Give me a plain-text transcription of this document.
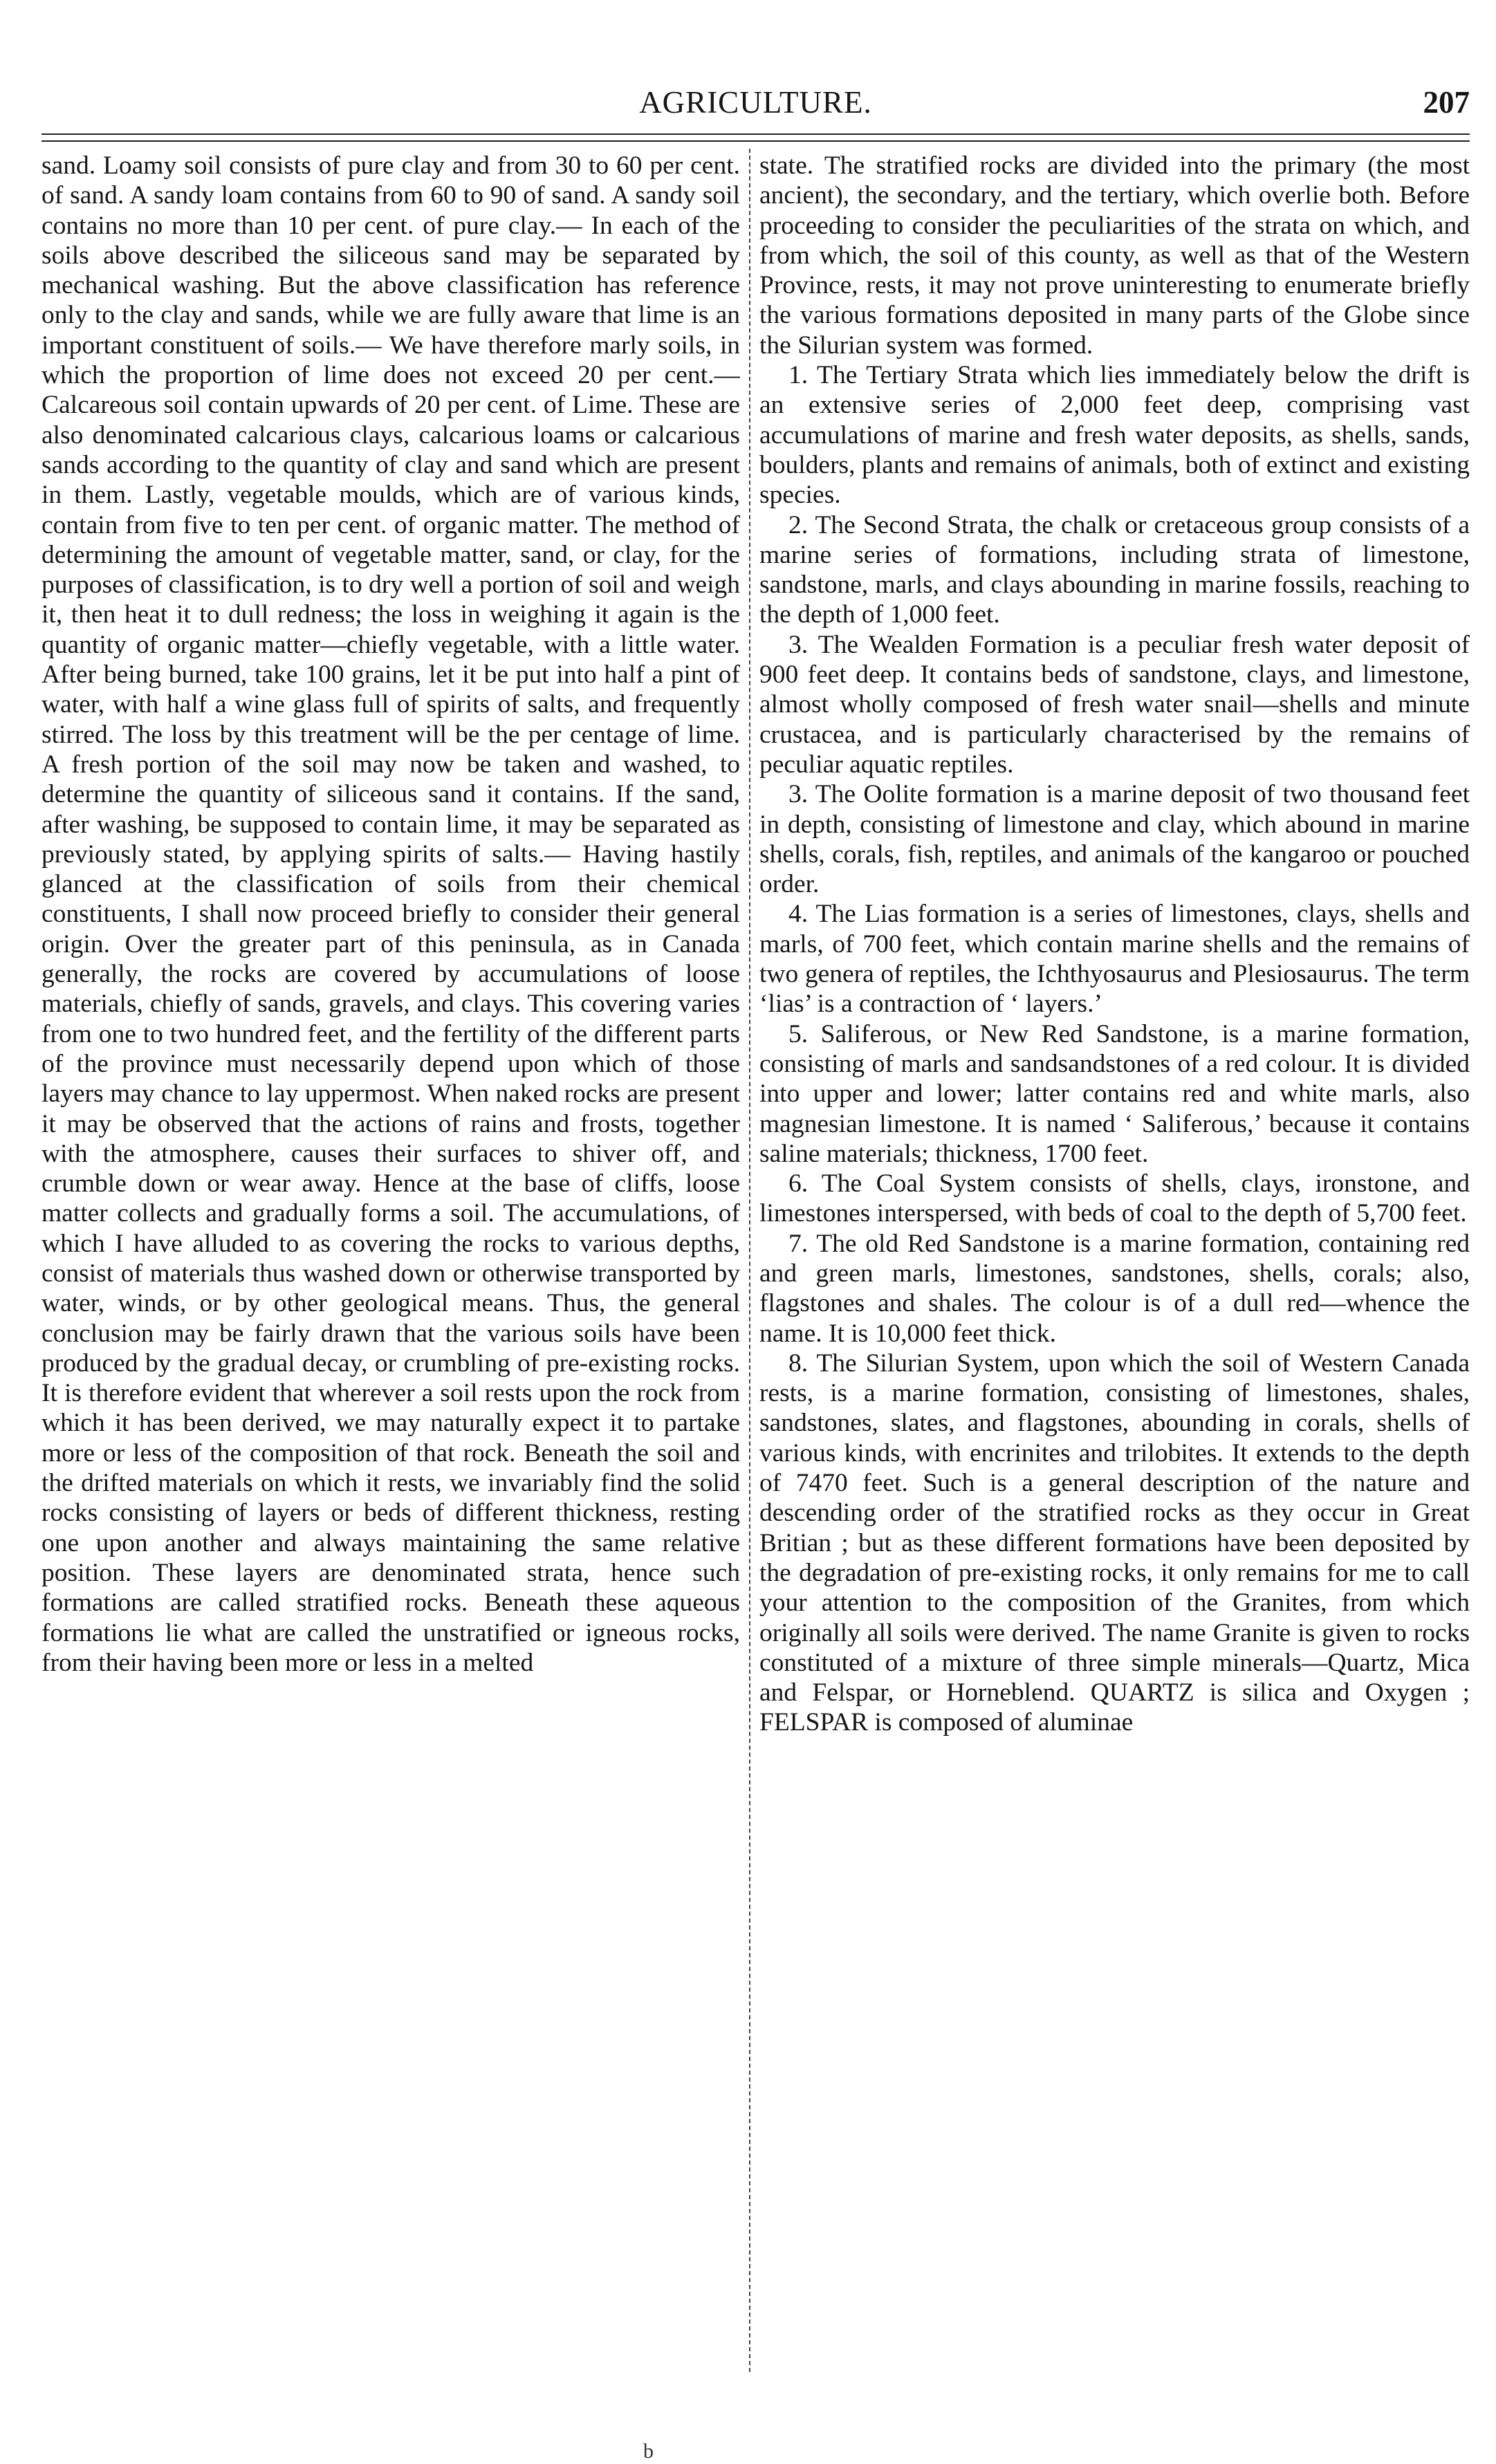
AGRICULTURE.	207

sand. Loamy soil consists of pure clay and from 30 to 60 per cent. of sand. A sandy loam contains from 60 to 90 of sand. A sandy soil contains no more than 10 per cent. of pure clay.— In each of the soils above described the siliceous sand may be separated by mechanical washing. But the above classification has reference only to the clay and sands, while we are fully aware that lime is an important constituent of soils.— We have therefore marly soils, in which the proportion of lime does not exceed 20 per cent.— Calcareous soil contain upwards of 20 per cent. of Lime. These are also denominated calcarious clays, calcarious loams or calcarious sands according to the quantity of clay and sand which are present in them. Lastly, vegetable moulds, which are of various kinds, contain from five to ten per cent. of organic matter. The method of determining the amount of vegetable matter, sand, or clay, for the purposes of classification, is to dry well a portion of soil and weigh it, then heat it to dull redness; the loss in weighing it again is the quantity of organic matter—chiefly vegetable, with a little water. After being burned, take 100 grains, let it be put into half a pint of water, with half a wine glass full of spirits of salts, and frequently stirred. The loss by this treatment will be the per centage of lime. A fresh portion of the soil may now be taken and washed, to determine the quantity of siliceous sand it contains. If the sand, after washing, be supposed to contain lime, it may be separated as previously stated, by applying spirits of salts.— Having hastily glanced at the classification of soils from their chemical constituents, I shall now proceed briefly to consider their general origin. Over the greater part of this peninsula, as in Canada generally, the rocks are covered by accumulations of loose materials, chiefly of sands, gravels, and clays. This covering varies from one to two hundred feet, and the fertility of the different parts of the province must necessarily depend upon which of those layers may chance to lay uppermost. When naked rocks are present it may be observed that the actions of rains and frosts, together with the atmosphere, causes their surfaces to shiver off, and crumble down or wear away. Hence at the base of cliffs, loose matter collects and gradually forms a soil. The accumulations, of which I have alluded to as covering the rocks to various depths, consist of materials thus washed down or otherwise transported by water, winds, or by other geological means. Thus, the general conclusion may be fairly drawn that the various soils have been produced by the gradual decay, or crumbling of pre-existing rocks. It is therefore evident that wherever a soil rests upon the rock from which it has been derived, we may naturally expect it to partake more or less of the composition of that rock. Beneath the soil and the drifted materials on which it rests, we invariably find the solid rocks consisting of layers or beds of different thickness, resting one upon another and always maintaining the same relative position. These layers are denominated strata, hence such formations are called stratified rocks. Beneath these aqueous formations lie what are called the unstratified or igneous rocks, from their having been more or less in a melted

state. The stratified rocks are divided into the primary (the most ancient), the secondary, and the tertiary, which overlie both. Before proceeding to consider the peculiarities of the strata on which, and from which, the soil of this county, as well as that of the Western Province, rests, it may not prove uninteresting to enumerate briefly the various formations deposited in many parts of the Globe since the Silurian system was formed.

1. The Tertiary Strata which lies immediately below the drift is an extensive series of 2,000 feet deep, comprising vast accumulations of marine and fresh water deposits, as shells, sands, boulders, plants and remains of animals, both of extinct and existing species.

2. The Second Strata, the chalk or cretaceous group consists of a marine series of formations, including strata of limestone, sandstone, marls, and clays abounding in marine fossils, reaching to the depth of 1,000 feet.

3. The Wealden Formation is a peculiar fresh water deposit of 900 feet deep. It contains beds of sandstone, clays, and limestone, almost wholly composed of fresh water snail—shells and minute crustacea, and is particularly characterised by the remains of peculiar aquatic reptiles.

3. The Oolite formation is a marine deposit of two thousand feet in depth, consisting of limestone and clay, which abound in marine shells, corals, fish, reptiles, and animals of the kangaroo or pouched order.

4. The Lias formation is a series of limestones, clays, shells and marls, of 700 feet, which contain marine shells and the remains of two genera of reptiles, the Ichthyosaurus and Plesiosaurus. The term ‘lias’ is a contraction of ‘ layers.’

5. Saliferous, or New Red Sandstone, is a marine formation, consisting of marls and sandsandstones of a red colour. It is divided into upper and lower; latter contains red and white marls, also magnesian limestone. It is named ‘ Saliferous,’ because it contains saline materials; thickness, 1700 feet.

6. The Coal System consists of shells, clays, ironstone, and limestones interspersed, with beds of coal to the depth of 5,700 feet.

7. The old Red Sandstone is a marine formation, containing red and green marls, limestones, sandstones, shells, corals; also, flagstones and shales. The colour is of a dull red—whence the name. It is 10,000 feet thick.

8. The Silurian System, upon which the soil of Western Canada rests, is a marine formation, consisting of limestones, shales, sandstones, slates, and flagstones, abounding in corals, shells of various kinds, with encrinites and trilobites. It extends to the depth of 7470 feet. Such is a general description of the nature and descending order of the stratified rocks as they occur in Great Britian ; but as these different formations have been deposited by the degradation of pre-existing rocks, it only remains for me to call your attention to the composition of the Granites, from which originally all soils were derived. The name Granite is given to rocks constituted of a mixture of three simple minerals—Quartz, Mica and Felspar, or Horneblend. QUARTZ is silica and Oxygen ; FELSPAR is composed of aluminae

b
